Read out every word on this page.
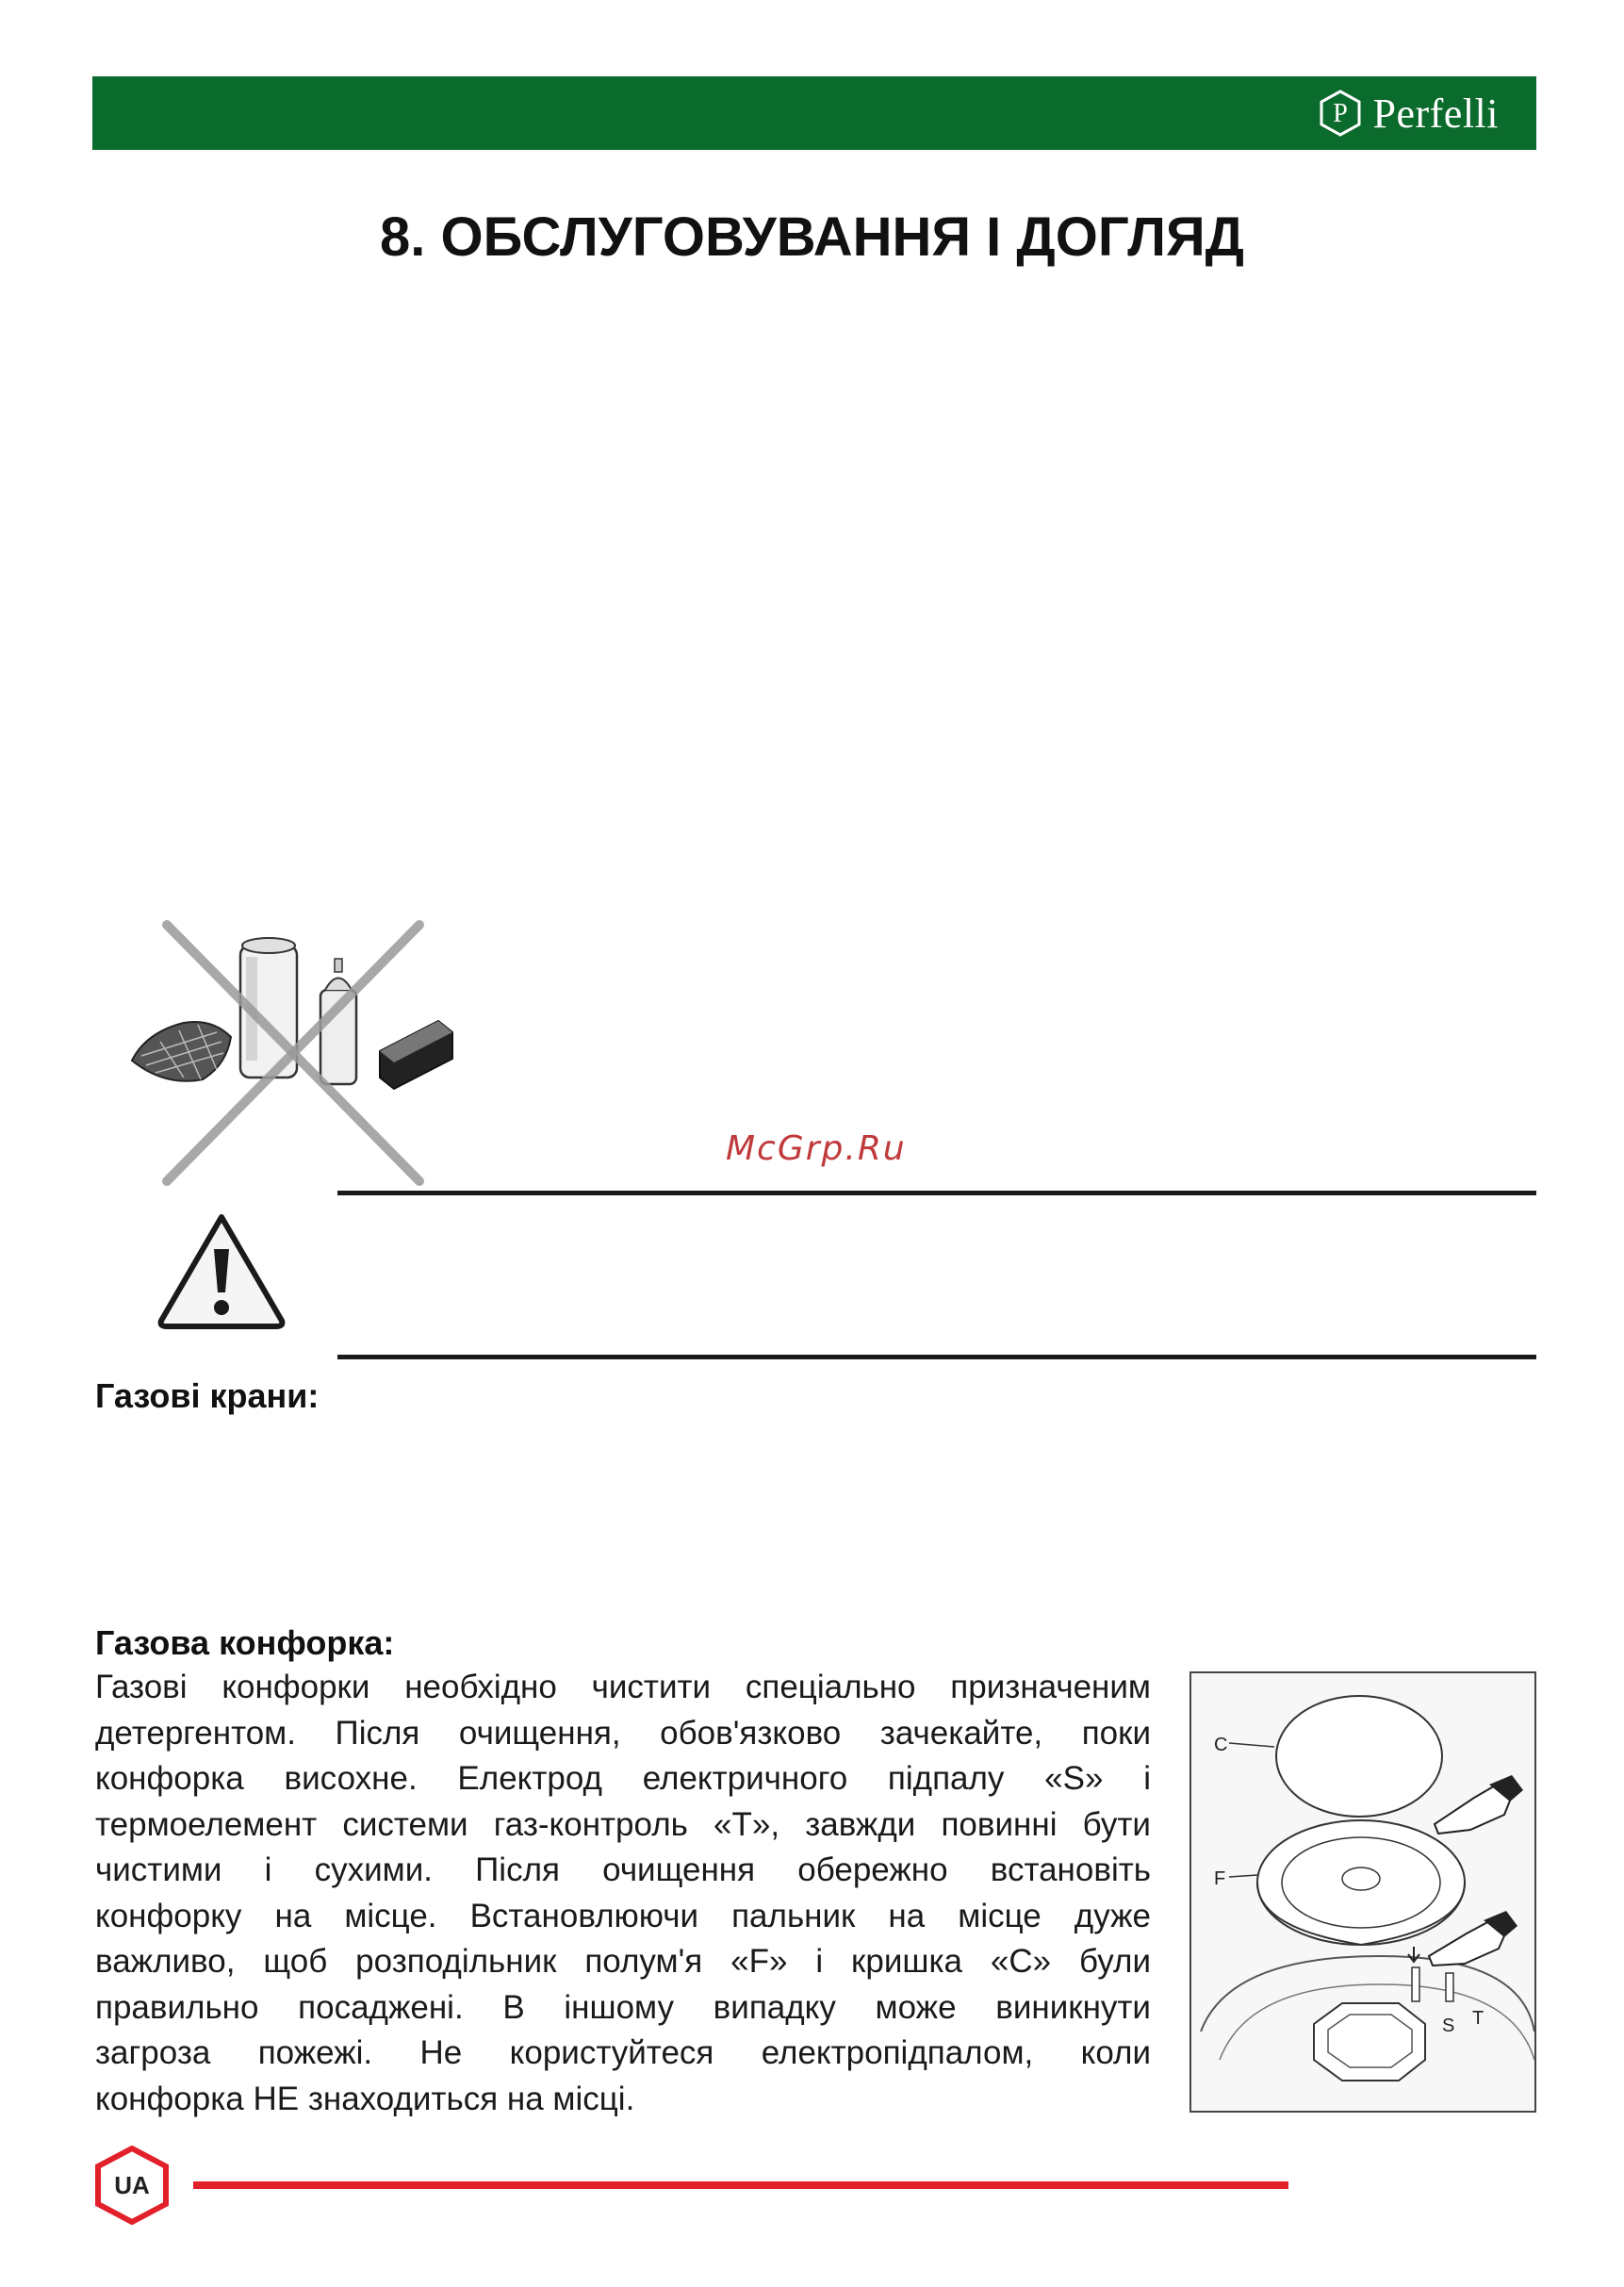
P Perfelli
8. ОБСЛУГОВУВАННЯ І ДОГЛЯД
McGrp.Ru
Газові крани:
Газова конфорка:
Газові конфорки необхідно чистити спеціально призначеним
детергентом. Після очищення, обов'язково зачекайте, поки
конфорка висохне. Електрод електричного підпалу «S» і
термоелемент системи газ-контроль «T», завжди повинні бути
чистими і сухими. Після очищення обережно встановіть
конфорку на місце. Встановлюючи пальник на місце дуже
важливо, щоб розподільник полум'я «F» і кришка «C» були
правильно посаджені. В іншому випадку може виникнути
загроза пожежі. Не користуйтеся електропідпалом, коли
конфорка НЕ знаходиться на місці.
C
F
S T
UA
